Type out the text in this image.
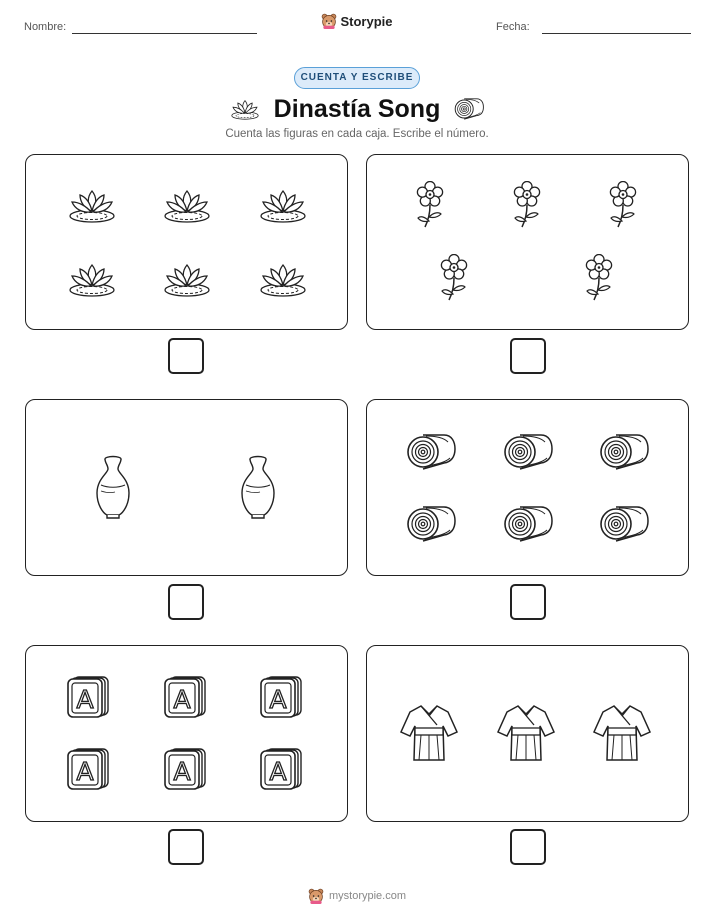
Nombre:	Storypie	Fecha:
CUENTA Y ESCRIBE
Dinastía Song
Cuenta las figuras en cada caja. Escribe el número.
mystorypie.com
